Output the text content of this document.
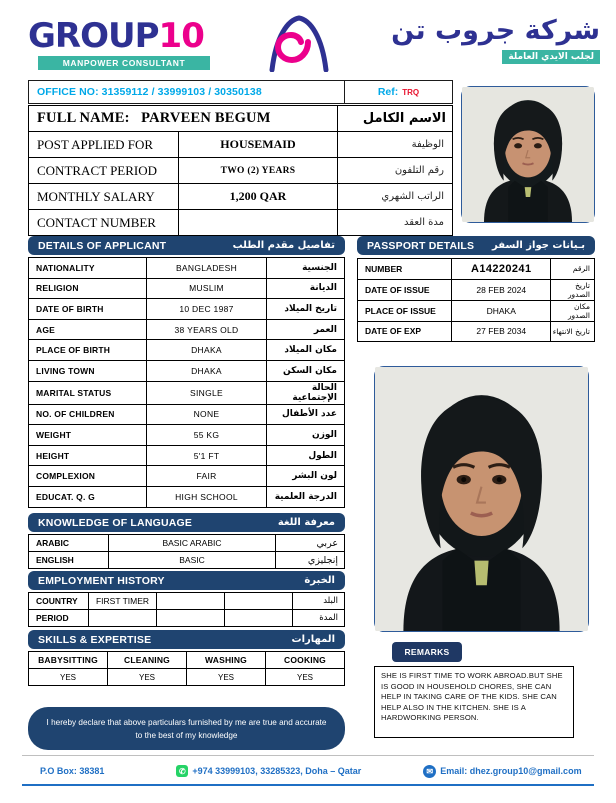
GROUP10
MANPOWER CONSULTANT
شركة جروب تن
لجلب الايدي العاملة
OFFICE NO: 31359112 / 33999103 / 30350138	Ref: TRQ
FULL NAME: PARVEEN BEGUM		الاسم الكامل
POST APPLIED FOR	HOUSEMAID	الوظيفة
CONTRACT PERIOD	TWO (2) YEARS	رقم التلفون
MONTHLY SALARY	1,200 QAR	الراتب الشهري
CONTACT NUMBER		مدة العقد
DETAILS OF APPLICANT	تفاصيل مقدم الطلب
NATIONALITY	BANGLADESH	الجنسية
RELIGION	MUSLIM	الديانة
DATE OF BIRTH	10 DEC 1987	تاريخ الميلاد
AGE	38 YEARS OLD	العمر
PLACE OF BIRTH	DHAKA	مكان الميلاد
LIVING TOWN	DHAKA	مكان السكن
MARITAL STATUS	SINGLE	الحالة الإجتماعية
NO. OF CHILDREN	NONE	عدد الأطفال
WEIGHT	55 KG	الوزن
HEIGHT	5'1 FT	الطول
COMPLEXION	FAIR	لون البشر
EDUCAT. Q. G	HIGH SCHOOL	الدرجة العلمية
PASSPORT DETAILS بـيانات جواز السفر
NUMBER	A14220241	الرقم
DATE OF ISSUE	28 FEB 2024	تاريخ الصدور
PLACE OF ISSUE	DHAKA	مكان الصدور
DATE OF EXP	27 FEB 2034	تاريخ الانتهاء
KNOWLEDGE OF LANGUAGE	معرفة اللغة
ARABIC	BASIC ARABIC	عربي
ENGLISH	BASIC	إنجليزي
EMPLOYMENT HISTORY	الخبرة
COUNTRY	FIRST TIMER			البلد
PERIOD				المدة
SKILLS & EXPERTISE	المهارات
BABYSITTING	CLEANING	WASHING	COOKING
YES	YES	YES	YES
I hereby declare that above particulars furnished by me are true and accurate to the best of my knowledge
REMARKS
SHE IS FIRST TIME TO WORK ABROAD.BUT SHE IS GOOD IN HOUSEHOLD CHORES, SHE CAN HELP IN TAKING CARE OF THE KIDS. SHE CAN HELP ALSO IN THE KITCHEN. SHE IS A HARDWORKING PERSON.
P.O Box: 38381	✆ +974 33999103, 33285323, Doha – Qatar	✉ Email: dhez.group10@gmail.com
